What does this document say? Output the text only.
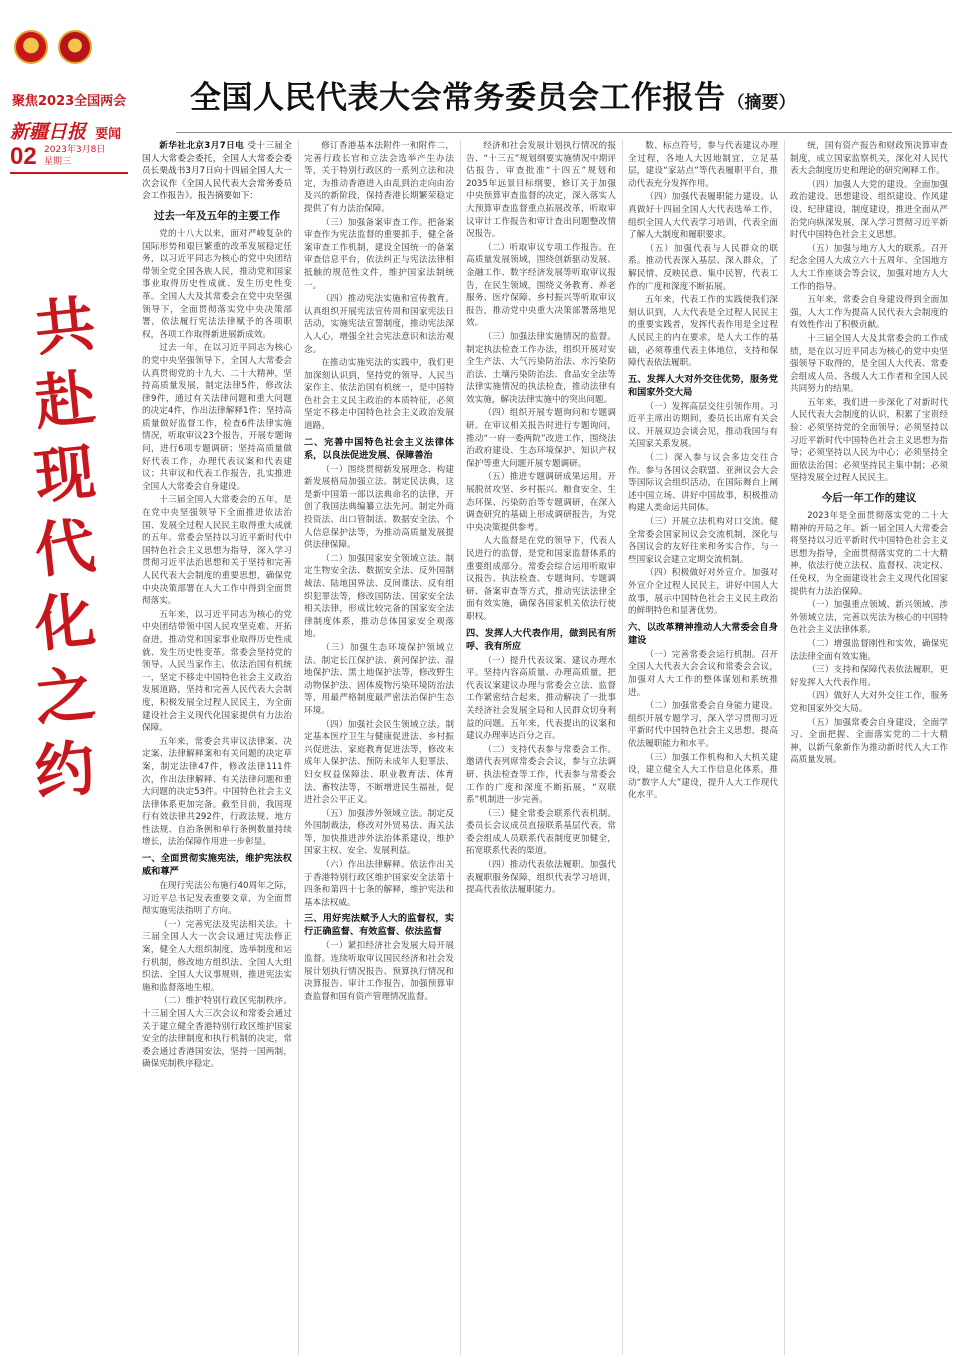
聚焦2023全国两会
新疆日报 要闻
02 2023年3月8日
星期三
共
赴
现
代
化
之
约
全国人民代表大会常务委员会工作报告 （摘要）

新华社北京3月7日电 受十三届全国人大常委会委托，全国人大常委会委员长栗战书3月7日向十四届全国人大一次会议作《全国人民代表大会常务委员会工作报告》。报告摘要如下：

过去一年及五年的主要工作

党的十八大以来，面对严峻复杂的国际形势和艰巨繁重的改革发展稳定任务，以习近平同志为核心的党中央团结带领全党全国各族人民，推动党和国家事业取得历史性成就、发生历史性变革。全国人大及其常委会在党中央坚强领导下，全面贯彻落实党中央决策部署，依法履行宪法法律赋予的各项职权，各项工作取得新进展新成效。

过去一年，在以习近平同志为核心的党中央坚强领导下，全国人大常委会认真贯彻党的十九大、二十大精神，坚持高质量发展，制定法律5件，修改法律9件，通过有关法律问题和重大问题的决定4件，作出法律解释1件；坚持高质量做好监督工作，检查6件法律实施情况，听取审议23个报告，开展专题询问，进行6项专题调研；坚持高质量做好代表工作，办理代表议案和代表建议；共审议和代表工作报告，扎实推进全国人大常委会自身建设。

十三届全国人大常委会的五年，是在党中央坚强领导下全面推进依法治国、发展全过程人民民主取得重大成就的五年。常委会坚持以习近平新时代中国特色社会主义思想为指导，深入学习贯彻习近平法治思想和关于坚持和完善人民代表大会制度的重要思想，确保党中央决策部署在人大工作中得到全面贯彻落实。

五年来，以习近平同志为核心的党中央团结带领中国人民攻坚克难、开拓奋进，推动党和国家事业取得历史性成就、发生历史性变革。常委会坚持党的领导、人民当家作主、依法治国有机统一，坚定不移走中国特色社会主义政治发展道路，坚持和完善人民代表大会制度，积极发展全过程人民民主，为全面建设社会主义现代化国家提供有力法治保障。

五年来，常委会共审议法律案、决定案、法律解释案和有关问题的决定草案，制定法律47件，修改法律111件次，作出法律解释、有关法律问题和重大问题的决定53件。中国特色社会主义法律体系更加完备。截至目前，我国现行有效法律共292件，行政法规、地方性法规、自治条例和单行条例数量持续增长，法治保障作用进一步彰显。

一、全面贯彻实施宪法，维护宪法权威和尊严

在现行宪法公布施行40周年之际，习近平总书记发表重要文章，为全面贯彻实施宪法指明了方向。

（一）完善宪法及宪法相关法。十三届全国人大一次会议通过宪法修正案，健全人大组织制度，选举制度和运行机制，修改地方组织法、全国人大组织法、全国人大议事规则，推进宪法实施和监督落地生根。

（二）维护特别行政区宪制秩序。十三届全国人大三次会议和常委会通过关于建立健全香港特别行政区维护国家安全的法律制度和执行机制的决定，常委会通过香港国安法，坚持一国两制，确保宪制秩序稳定。

修订香港基本法附件一和附件二，完善行政长官和立法会选举产生办法等，关于特别行政区的一系列立法和决定，为推动香港进入由乱到治走向由治及兴的新阶段，保持香港长期繁荣稳定提供了有力法治保障。

（三）加强备案审查工作。把备案审查作为宪法监督的重要抓手，健全备案审查工作机制，建设全国统一的备案审查信息平台，依法纠正与宪法法律相抵触的规范性文件，维护国家法制统一。

（四）推动宪法实施和宣传教育。认真组织开展宪法宣传周和国家宪法日活动，实施宪法宣誓制度，推动宪法深入人心，增强全社会宪法意识和法治观念。

在推动实施宪法的实践中，我们更加深刻认识到，坚持党的领导、人民当家作主、依法治国有机统一，是中国特色社会主义民主政治的本质特征，必须坚定不移走中国特色社会主义政治发展道路。

二、完善中国特色社会主义法律体系，以良法促进发展、保障善治

（一）围绕贯彻新发展理念、构建新发展格局加强立法。制定民法典，这是新中国第一部以法典命名的法律，开创了我国法典编纂立法先河。制定外商投资法、出口管制法、数据安全法、个人信息保护法等，为推动高质量发展提供法律保障。

（二）加强国家安全领域立法。制定生物安全法、数据安全法、反外国制裁法、陆地国界法、反间谍法、反有组织犯罪法等，修改国防法、国家安全法相关法律，形成比较完备的国家安全法律制度体系，推动总体国家安全观落地。

（三）加强生态环境保护领域立法。制定长江保护法、黄河保护法、湿地保护法、黑土地保护法等，修改野生动物保护法、固体废物污染环境防治法等，用最严格制度最严密法治保护生态环境。

（四）加强社会民生领域立法。制定基本医疗卫生与健康促进法、乡村振兴促进法、家庭教育促进法等，修改未成年人保护法、预防未成年人犯罪法、妇女权益保障法、职业教育法、体育法、畜牧法等，不断增进民生福祉，促进社会公平正义。

（五）加强涉外领域立法。制定反外国制裁法，修改对外贸易法、海关法等，加快推进涉外法治体系建设，维护国家主权、安全、发展利益。

（六）作出法律解释。依法作出关于香港特别行政区维护国家安全法第十四条和第四十七条的解释，维护宪法和基本法权威。

三、用好宪法赋予人大的监督权，实行正确监督、有效监督、依法监督

（一）紧扣经济社会发展大局开展监督。连续听取审议国民经济和社会发展计划执行情况报告、预算执行情况和决算报告、审计工作报告，加强预算审查监督和国有资产管理情况监督。

经济和社会发展计划执行情况的报告、“十三五”规划纲要实施情况中期评估报告，审查批准“十四五”规划和2035年远景目标纲要，修订关于加强中央预算审查监督的决定，深入落实人大预算审查监督重点拓展改革，听取审议审计工作报告和审计查出问题整改情况报告。

（二）听取审议专项工作报告。在高质量发展领域，围绕创新驱动发展、金融工作、数字经济发展等听取审议报告，在民生领域，围绕义务教育、养老服务、医疗保障、乡村振兴等听取审议报告，推动党中央重大决策部署落地见效。

（三）加强法律实施情况的监督。制定执法检查工作办法，组织开展对安全生产法、大气污染防治法、水污染防治法、土壤污染防治法、食品安全法等法律实施情况的执法检查，推动法律有效实施，解决法律实施中的突出问题。

（四）组织开展专题询问和专题调研。在审议相关报告时进行专题询问，推动“一府一委两院”改进工作，围绕法治政府建设、生态环境保护、知识产权保护等重大问题开展专题调研。

（五）推进专题调研成果运用。开展脱贫攻坚、乡村振兴、粮食安全、生态环保、污染防治等专题调研，在深入调查研究的基础上形成调研报告，为党中央决策提供参考。

人大监督是在党的领导下，代表人民进行的监督，是党和国家监督体系的重要组成部分。常委会综合运用听取审议报告、执法检查、专题询问、专题调研、备案审查等方式，推动宪法法律全面有效实施，确保各国家机关依法行使职权。

四、发挥人大代表作用，做到民有所呼、我有所应

（一）提升代表议案、建议办理水平。坚持内容高质量、办理高质量，把代表议案建议办理与常委会立法、监督工作紧密结合起来，推动解决了一批事关经济社会发展全局和人民群众切身利益的问题。五年来，代表提出的议案和建议办理率达百分之百。

（二）支持代表参与常委会工作。邀请代表列席常委会会议，参与立法调研、执法检查等工作，代表参与常委会工作的广度和深度不断拓展，“双联系”机制进一步完善。

（三）健全常委会联系代表机制。委员长会议成员直接联系基层代表，常委会组成人员联系代表制度更加健全，拓宽联系代表的渠道。

（四）推动代表依法履职。加强代表履职服务保障，组织代表学习培训，提高代表依法履职能力。

数、标点符号，参与代表建议办理全过程，各地人大因地制宜，立足基层，建设“家站点”等代表履职平台，推动代表充分发挥作用。

（四）加强代表履职能力建设。认真做好十四届全国人大代表选举工作，组织全国人大代表学习培训，代表全面了解人大制度和履职要求。

（五）加强代表与人民群众的联系。推动代表深入基层、深入群众，了解民情、反映民意、集中民智，代表工作的广度和深度不断拓展。

五年来，代表工作的实践使我们深刻认识到，人大代表是全过程人民民主的重要实践者，发挥代表作用是全过程人民民主的内在要求，是人大工作的基础，必须尊重代表主体地位，支持和保障代表依法履职。

五、发挥人大对外交往优势，服务党和国家外交大局

（一）发挥高层交往引领作用。习近平主席出访期间，委员长出席有关会议、开展双边会谈会见，推动我国与有关国家关系发展。

（二）深入参与议会多边交往合作。参与各国议会联盟、亚洲议会大会等国际议会组织活动，在国际舞台上阐述中国立场、讲好中国故事，积极推动构建人类命运共同体。

（三）开展立法机构对口交流。健全常委会国家间议会交流机制，深化与各国议会的友好往来和务实合作，与一些国家议会建立定期交流机制。

（四）积极做好对外宣介。加强对外宣介全过程人民民主，讲好中国人大故事，展示中国特色社会主义民主政治的鲜明特色和显著优势。

六、以改革精神推动人大常委会自身建设

（一）完善常委会运行机制。召开全国人大代表大会会议和常委会会议，加强对人大工作的整体谋划和系统推进。

（二）加强常委会自身能力建设。组织开展专题学习，深入学习贯彻习近平新时代中国特色社会主义思想，提高依法履职能力和水平。

（三）加强工作机构和人大机关建设，建立健全人大工作信息化体系，推动“数字人大”建设，提升人大工作现代化水平。

统，国有资产报告和财政预决算审查制度，成立国家监察机关，深化对人民代表大会制度历史和理论的研究阐释工作。

（四）加强人大党的建设。全面加强政治建设、思想建设、组织建设、作风建设、纪律建设，制度建设，推进全面从严治党向纵深发展，深入学习贯彻习近平新时代中国特色社会主义思想。

（五）加强与地方人大的联系。召开纪念全国人大成立六十五周年、全国地方人大工作座谈会等会议，加强对地方人大工作的指导。

五年来，常委会自身建设得到全面加强，人大工作为提高人民代表大会制度的有效性作出了积极贡献。

十三届全国人大及其常委会的工作成绩，是在以习近平同志为核心的党中央坚强领导下取得的，是全国人大代表、常委会组成人员、各级人大工作者和全国人民共同努力的结果。

五年来，我们进一步深化了对新时代人民代表大会制度的认识，积累了宝贵经验：必须坚持党的全面领导；必须坚持以习近平新时代中国特色社会主义思想为指导；必须坚持以人民为中心；必须坚持全面依法治国；必须坚持民主集中制；必须坚持发展全过程人民民主。

今后一年工作的建议

2023年是全面贯彻落实党的二十大精神的开局之年。新一届全国人大常委会将坚持以习近平新时代中国特色社会主义思想为指导，全面贯彻落实党的二十大精神，依法行使立法权、监督权、决定权、任免权，为全面建设社会主义现代化国家提供有力法治保障。

（一）加强重点领域、新兴领域、涉外领域立法，完善以宪法为核心的中国特色社会主义法律体系。

（二）增强监督刚性和实效，确保宪法法律全面有效实施。

（三）支持和保障代表依法履职，更好发挥人大代表作用。

（四）做好人大对外交往工作，服务党和国家外交大局。

（五）加强常委会自身建设，全面学习、全面把握、全面落实党的二十大精神，以新气象新作为推动新时代人大工作高质量发展。
